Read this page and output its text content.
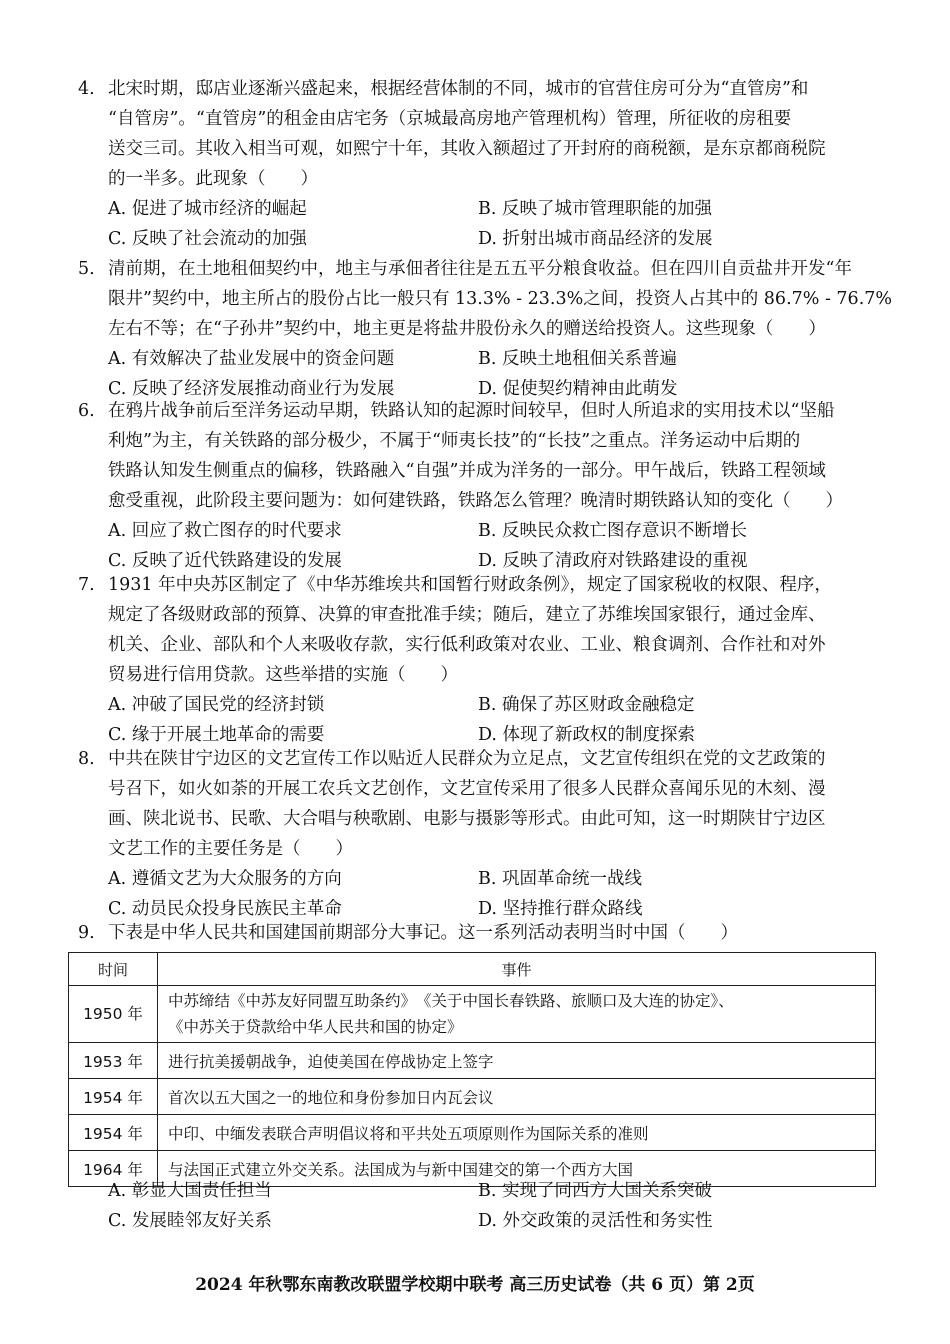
4. 北宋时期，邸店业逐渐兴盛起来，根据经营体制的不同，城市的官营住房可分为“直管房”和
“自管房”。“直管房”的租金由店宅务（京城最高房地产管理机构）管理，所征收的房租要
送交三司。其收入相当可观，如熙宁十年，其收入额超过了开封府的商税额，是东京都商税院
的一半多。此现象（　　）
A. 促进了城市经济的崛起	B. 反映了城市管理职能的加强
C. 反映了社会流动的加强	D. 折射出城市商品经济的发展
5. 清前期，在土地租佃契约中，地主与承佃者往往是五五平分粮食收益。但在四川自贡盐井开发“年
限井”契约中，地主所占的股份占比一般只有 13.3% - 23.3%之间，投资人占其中的 86.7% - 76.7%
左右不等；在“子孙井”契约中，地主更是将盐井股份永久的赠送给投资人。这些现象（　　）
A. 有效解决了盐业发展中的资金问题	B. 反映土地租佃关系普遍
C. 反映了经济发展推动商业行为发展	D. 促使契约精神由此萌发
6. 在鸦片战争前后至洋务运动早期，铁路认知的起源时间较早，但时人所追求的实用技术以“坚船
利炮”为主，有关铁路的部分极少，不属于“师夷长技”的“长技”之重点。洋务运动中后期的
铁路认知发生侧重点的偏移，铁路融入“自强”并成为洋务的一部分。甲午战后，铁路工程领域
愈受重视，此阶段主要问题为：如何建铁路，铁路怎么管理？晚清时期铁路认知的变化（　　）
A. 回应了救亡图存的时代要求	B. 反映民众救亡图存意识不断增长
C. 反映了近代铁路建设的发展	D. 反映了清政府对铁路建设的重视
7. 1931 年中央苏区制定了《中华苏维埃共和国暂行财政条例》，规定了国家税收的权限、程序，
规定了各级财政部的预算、决算的审查批准手续；随后，建立了苏维埃国家银行，通过金库、
机关、企业、部队和个人来吸收存款，实行低利政策对农业、工业、粮食调剂、合作社和对外
贸易进行信用贷款。这些举措的实施（　　）
A. 冲破了国民党的经济封锁	B. 确保了苏区财政金融稳定
C. 缘于开展土地革命的需要	D. 体现了新政权的制度探索
8. 中共在陕甘宁边区的文艺宣传工作以贴近人民群众为立足点，文艺宣传组织在党的文艺政策的
号召下，如火如荼的开展工农兵文艺创作，文艺宣传采用了很多人民群众喜闻乐见的木刻、漫
画、陕北说书、民歌、大合唱与秧歌剧、电影与摄影等形式。由此可知，这一时期陕甘宁边区
文艺工作的主要任务是（　　）
A. 遵循文艺为大众服务的方向	B. 巩固革命统一战线
C. 动员民众投身民族民主革命	D. 坚持推行群众路线
9. 下表是中华人民共和国建国前期部分大事记。这一系列活动表明当时中国（　　）
时间	事件
1950 年	中苏缔结《中苏友好同盟互助条约》　《关于中国长春铁路、旅顺口及大连的协定》、
《中苏关于贷款给中华人民共和国的协定》

1953 年	进行抗美援朝战争，迫使美国在停战协定上签字
1954 年	首次以五大国之一的地位和身份参加日内瓦会议
1954 年	中印、中缅发表联合声明倡议将和平共处五项原则作为国际关系的准则
1964 年	与法国正式建立外交关系。法国成为与新中国建交的第一个西方大国
A. 彰显大国责任担当	B. 实现了同西方大国关系突破
C. 发展睦邻友好关系	D. 外交政策的灵活性和务实性
2024 年秋鄂东南教改联盟学校期中联考 高三历史试卷（共 6 页）第 2页
